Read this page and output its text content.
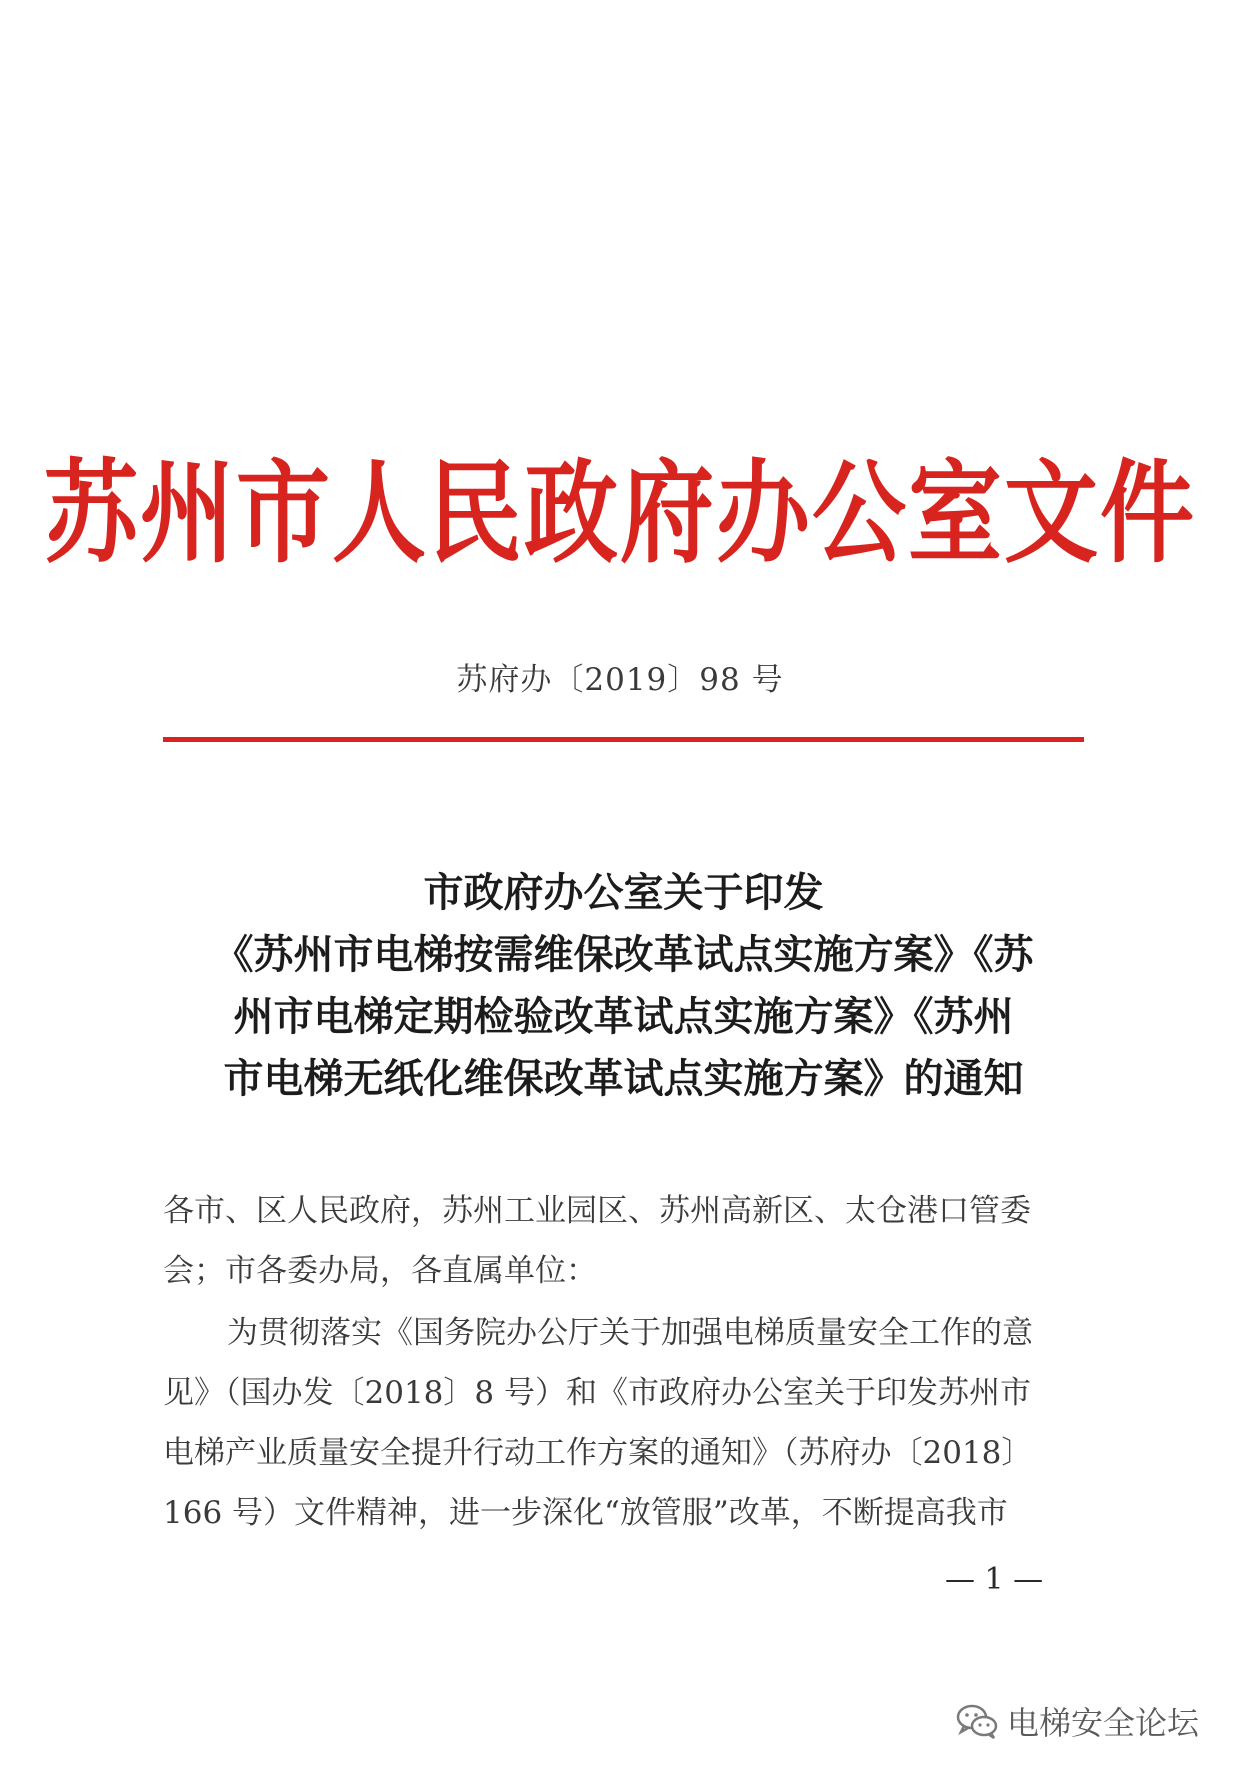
苏州市人民政府办公室文件
苏府办〔2019〕98 号
市政府办公室关于印发
《苏州市电梯按需维保改革试点实施方案》《苏
州市电梯定期检验改革试点实施方案》《苏州
市电梯无纸化维保改革试点实施方案》的通知
各市、区人民政府，苏州工业园区、苏州高新区、太仓港口管委
会；市各委办局，各直属单位：
为贯彻落实《国务院办公厅关于加强电梯质量安全工作的意
见》（国办发〔2018〕8 号）和《市政府办公室关于印发苏州市
电梯产业质量安全提升行动工作方案的通知》（苏府办〔2018〕
166 号）文件精神，进一步深化“放管服”改革，不断提高我市
— 1 —
电梯安全论坛
